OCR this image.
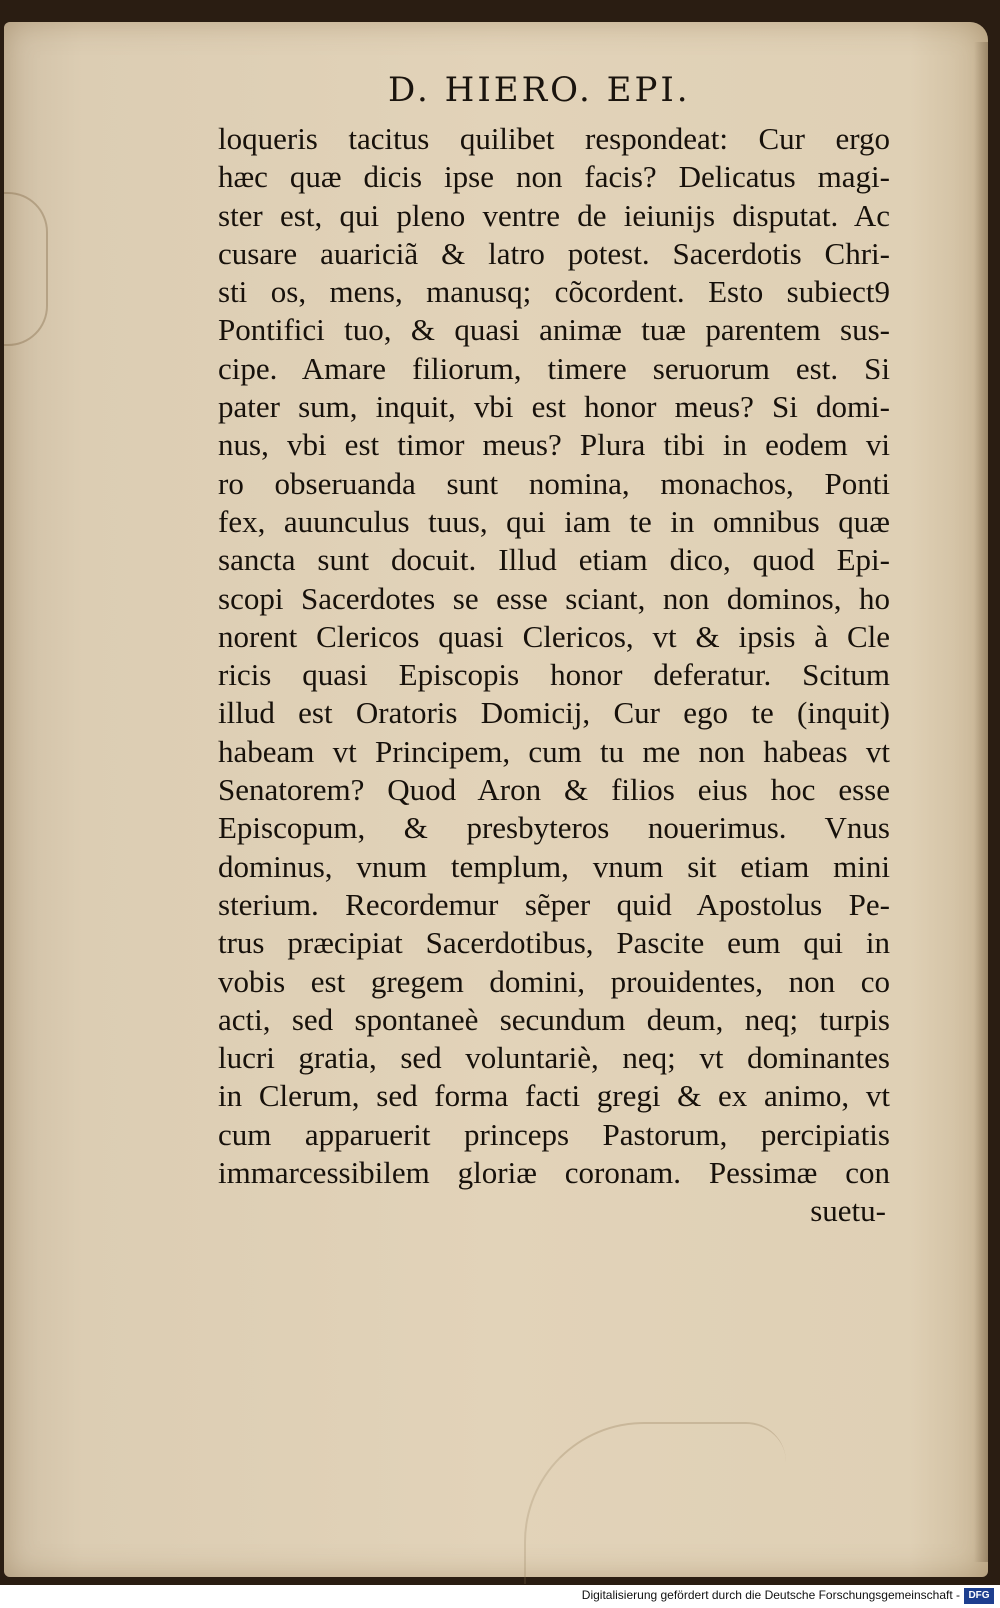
D. HIERO. EPI.
loqueris tacitus quilibet respondeat: Cur ergo
hæc quæ dicis ipse non facis? Delicatus magi-
ster est, qui pleno ventre de ieiunijs disputat. Ac
cusare auariciã & latro potest. Sacerdotis Chri-
sti os, mens, manusq; cõcordent. Esto subiect9
Pontifici tuo, & quasi animæ tuæ parentem sus-
cipe. Amare filiorum, timere seruorum est. Si
pater sum, inquit, vbi est honor meus? Si domi-
nus, vbi est timor meus? Plura tibi in eodem vi
ro obseruanda sunt nomina, monachos, Ponti
fex, auunculus tuus, qui iam te in omnibus quæ
sancta sunt docuit. Illud etiam dico, quod Epi-
scopi Sacerdotes se esse sciant, non dominos, ho
norent Clericos quasi Clericos, vt & ipsis à Cle
ricis quasi Episcopis honor deferatur. Scitum
illud est Oratoris Domicij, Cur ego te (inquit)
habeam vt Principem, cum tu me non habeas vt
Senatorem? Quod Aron & filios eius hoc esse
Episcopum, & presbyteros nouerimus. Vnus
dominus, vnum templum, vnum sit etiam mini
sterium. Recordemur sẽper quid Apostolus Pe-
trus præcipiat Sacerdotibus, Pascite eum qui in
vobis est gregem domini, prouidentes, non co
acti, sed spontaneè secundum deum, neq; turpis
lucri gratia, sed voluntariè, neq; vt dominantes
in Clerum, sed forma facti gregi & ex animo, vt
cum apparuerit princeps Pastorum, percipiatis
immarcessibilem gloriæ coronam. Pessimæ con
suetu-
Digitalisierung gefördert durch die Deutsche Forschungsgemeinschaft - DFG
